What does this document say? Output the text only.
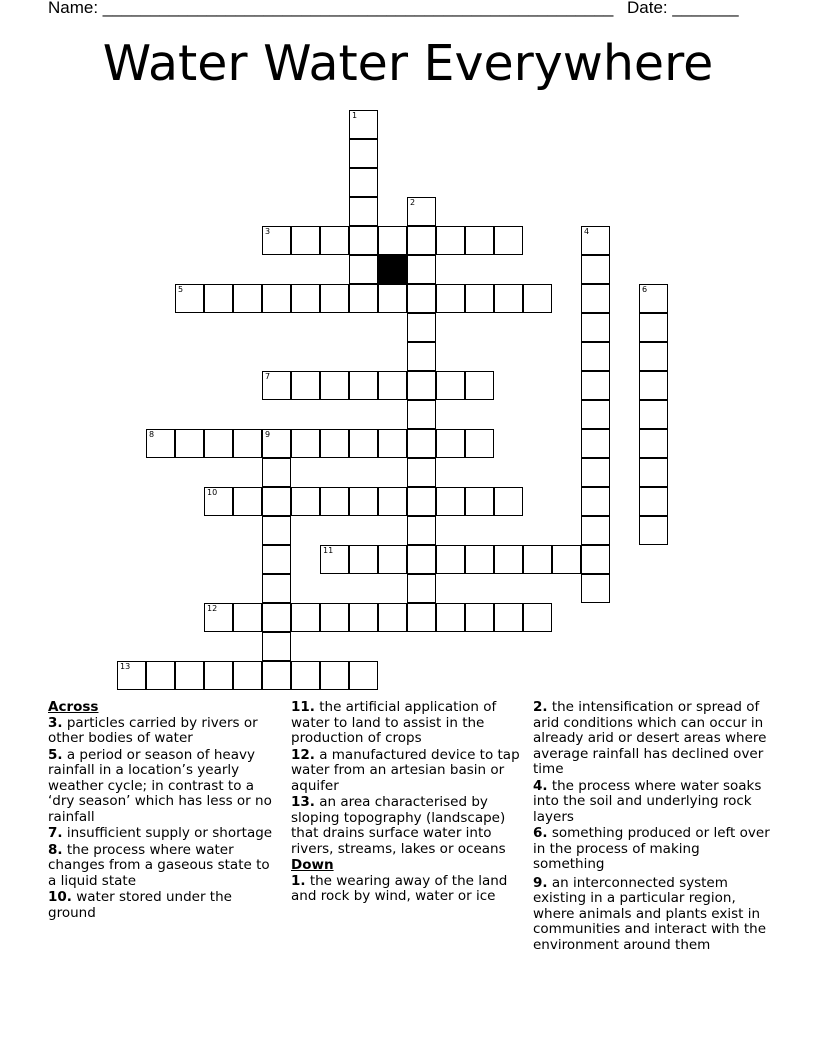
Name: ______________________________________________________ Date: _______
Water Water Everywhere
3
5
7
8	9
10
11
12
13
1
2
4
6
Across
3. particles carried by rivers or other bodies of water
5. a period or season of heavy rainfall in a location’s yearly weather cycle; in contrast to a ‘dry season’ which has less or no rainfall
7. insufficient supply or shortage
8. the process where water changes from a gaseous state to a liquid state
10. water stored under the ground
11. the artificial application of water to land to assist in the production of crops
12. a manufactured device to tap water from an artesian basin or aquifer
13. an area characterised by sloping topography (landscape) that drains surface water into rivers, streams, lakes or oceans
Down
1. the wearing away of the land and rock by wind, water or ice
2. the intensification or spread of arid conditions which can occur in already arid or desert areas where average rainfall has declined over time
4. the process where water soaks into the soil and underlying rock layers
6. something produced or left over in the process of making something
9. an interconnected system existing in a particular region, where animals and plants exist in communities and interact with the environment around them
